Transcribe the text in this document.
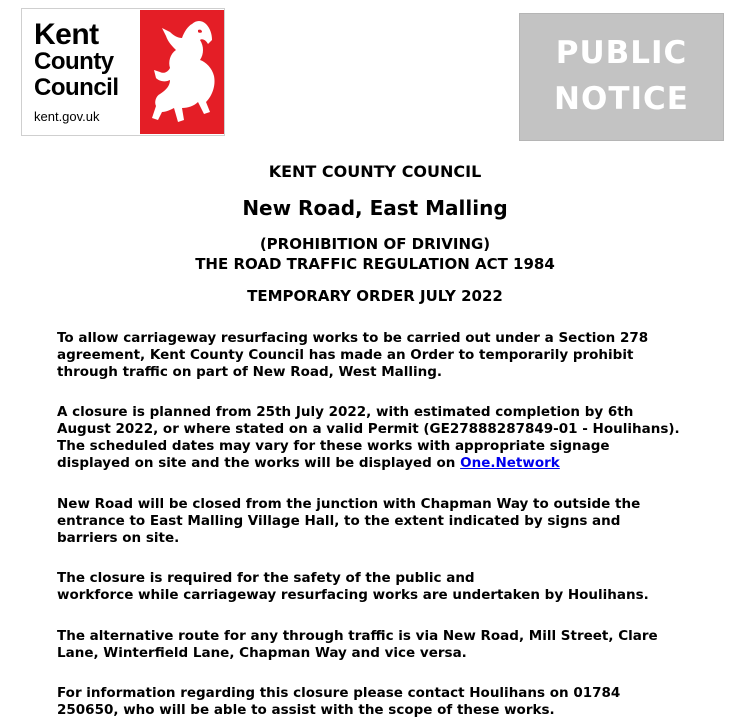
Kent
County
Council
kent.gov.uk
PUBLIC
NOTICE
KENT COUNTY COUNCIL
New Road, East Malling
(PROHIBITION OF DRIVING)
THE ROAD TRAFFIC REGULATION ACT 1984
TEMPORARY ORDER JULY 2022

To allow carriageway resurfacing works to be carried out under a Section 278
agreement, Kent County Council has made an Order to temporarily prohibit
through traffic on part of New Road, West Malling.

A closure is planned from 25th July 2022, with estimated completion by 6th
August 2022, or where stated on a valid Permit (GE27888287849-01 - Houlihans).
The scheduled dates may vary for these works with appropriate signage
displayed on site and the works will be displayed on One.Network

New Road will be closed from the junction with Chapman Way to outside the
entrance to East Malling Village Hall, to the extent indicated by signs and
barriers on site.

The closure is required for the safety of the public and
workforce while carriageway resurfacing works are undertaken by Houlihans.

The alternative route for any through traffic is via New Road, Mill Street, Clare
Lane, Winterfield Lane, Chapman Way and vice versa.

For information regarding this closure please contact Houlihans on 01784
250650, who will be able to assist with the scope of these works.
